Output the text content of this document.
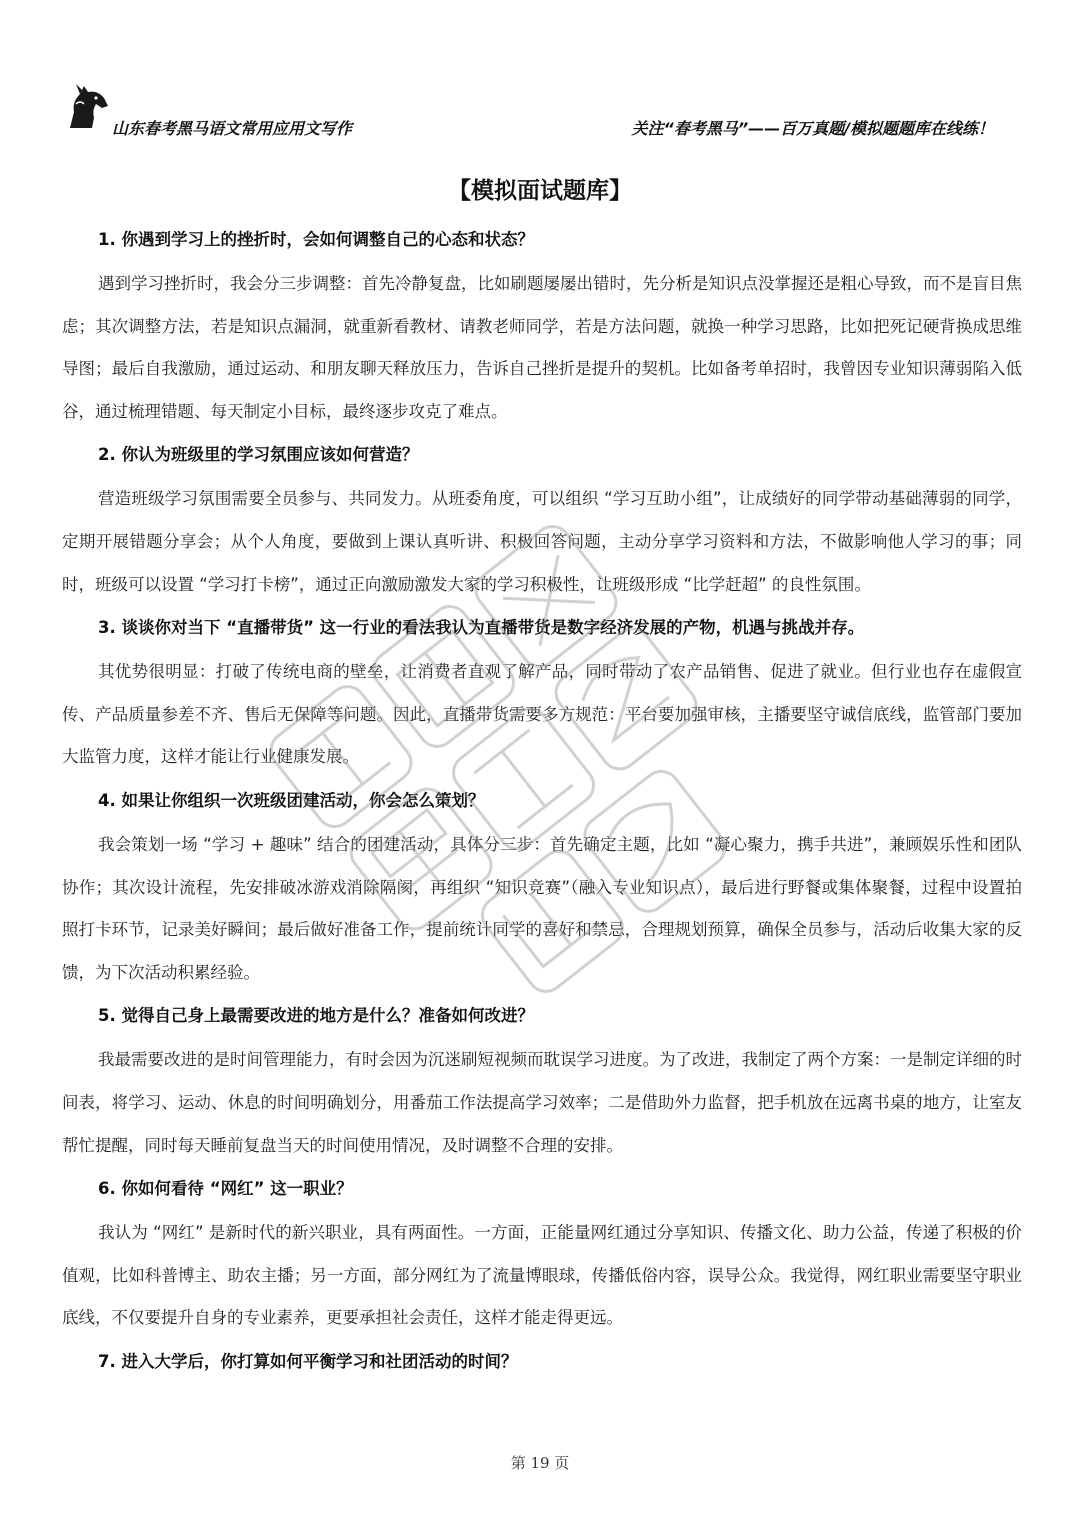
山东春考黑马语文常用应用文写作	关注“春考黑马”——百万真题/模拟题题库在线练！
【模拟面试题库】
1. 你遇到学习上的挫折时，会如何调整自己的心态和状态？
遇到学习挫折时，我会分三步调整：首先冷静复盘，比如刷题屡屡出错时，先分析是知识点没掌握还是粗心导致，而不是盲目焦虑；其次调整方法，若是知识点漏洞，就重新看教材、请教老师同学，若是方法问题，就换一种学习思路，比如把死记硬背换成思维导图；最后自我激励，通过运动、和朋友聊天释放压力，告诉自己挫折是提升的契机。比如备考单招时，我曾因专业知识薄弱陷入低谷，通过梳理错题、每天制定小目标，最终逐步攻克了难点。
2. 你认为班级里的学习氛围应该如何营造？
营造班级学习氛围需要全员参与、共同发力。从班委角度，可以组织 “学习互助小组”，让成绩好的同学带动基础薄弱的同学，定期开展错题分享会；从个人角度，要做到上课认真听讲、积极回答问题，主动分享学习资料和方法，不做影响他人学习的事；同时，班级可以设置 “学习打卡榜”，通过正向激励激发大家的学习积极性，让班级形成 “比学赶超” 的良性氛围。
3. 谈谈你对当下 “直播带货” 这一行业的看法我认为直播带货是数字经济发展的产物，机遇与挑战并存。
其优势很明显：打破了传统电商的壁垒，让消费者直观了解产品，同时带动了农产品销售、促进了就业。但行业也存在虚假宣传、产品质量参差不齐、售后无保障等问题。因此，直播带货需要多方规范：平台要加强审核，主播要坚守诚信底线，监管部门要加大监管力度，这样才能让行业健康发展。
4. 如果让你组织一次班级团建活动，你会怎么策划？
我会策划一场 “学习 + 趣味” 结合的团建活动，具体分三步：首先确定主题，比如 “凝心聚力，携手共进”，兼顾娱乐性和团队协作；其次设计流程，先安排破冰游戏消除隔阂，再组织 “知识竞赛”（融入专业知识点），最后进行野餐或集体聚餐，过程中设置拍照打卡环节，记录美好瞬间；最后做好准备工作，提前统计同学的喜好和禁忌，合理规划预算，确保全员参与，活动后收集大家的反馈，为下次活动积累经验。
5. 觉得自己身上最需要改进的地方是什么？准备如何改进？
我最需要改进的是时间管理能力，有时会因为沉迷刷短视频而耽误学习进度。为了改进，我制定了两个方案：一是制定详细的时间表，将学习、运动、休息的时间明确划分，用番茄工作法提高学习效率；二是借助外力监督，把手机放在远离书桌的地方，让室友帮忙提醒，同时每天睡前复盘当天的时间使用情况，及时调整不合理的安排。
6. 你如何看待 “网红” 这一职业？
我认为 “网红” 是新时代的新兴职业，具有两面性。一方面，正能量网红通过分享知识、传播文化、助力公益，传递了积极的价值观，比如科普博主、助农主播；另一方面，部分网红为了流量博眼球，传播低俗内容，误导公众。我觉得，网红职业需要坚守职业底线，不仅要提升自身的专业素养，更要承担社会责任，这样才能走得更远。
7. 进入大学后，你打算如何平衡学习和社团活动的时间？
第 19 页
